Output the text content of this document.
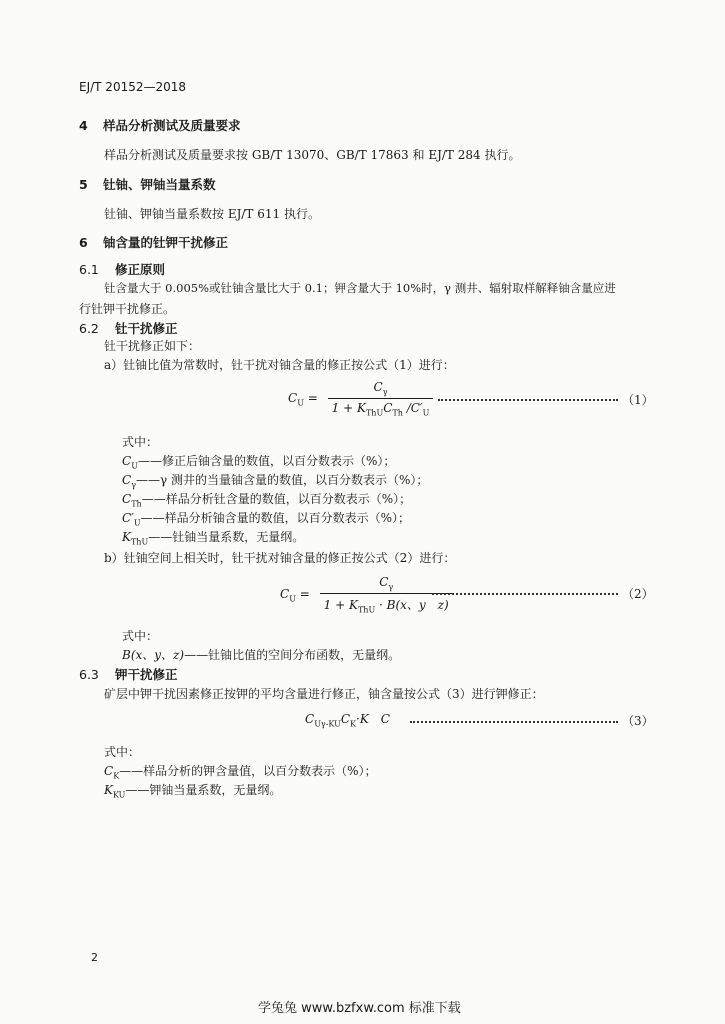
EJ/T 20152—2018
4 样品分析测试及质量要求
样品分析测试及质量要求按 GB/T 13070、GB/T 17863 和 EJ/T 284 执行。
5 钍铀、钾铀当量系数
钍铀、钾铀当量系数按 EJ/T 611 执行。
6 铀含量的钍钾干扰修正
6.1 修正原则
钍含量大于 0.005%或钍铀含量比大于 0.1；钾含量大于 10%时，γ 测井、辐射取样解释铀含量应进
行钍钾干扰修正。
6.2 钍干扰修正
钍干扰修正如下：
a）钍铀比值为常数时，钍干扰对铀含量的修正按公式（1）进行：
$C_U = \frac{C_\gamma}{1 + K_{ThU}C_{Th} /C'_U}$	（1）
式中：
$C_U——$修正后铀含量的数值，以百分数表示（%）；
$C_\gamma——\gamma$ 测井的当量铀含量的数值，以百分数表示（%）；
$C_{Th}——$样品分析钍含量的数值，以百分数表示（%）；
$C'_U——$样品分析铀含量的数值，以百分数表示（%）；
$K_{ThU}——$钍铀当量系数，无量纲。
b）钍铀空间上相关时，钍干扰对铀含量的修正按公式（2）进行：
$C_U = \frac{C_\gamma}{1 + K_{ThU} \cdot B(x、y z)}$	（2）
式中：
B(x、y、z)——钍铀比值的空间分布函数，无量纲。
6.3 钾干扰修正
矿层中钾干扰因素修正按钾的平均含量进行修正，铀含量按公式（3）进行钾修正：
$C_{U\gamma-KU}C_K\cdot K$　C	（3）
式中：
$C_K——$样品分析的钾含量值，以百分数表示（%）；
$K_{KU}——$钾铀当量系数，无量纲。
2
学兔兔 www.bzfxw.com 标准下载
